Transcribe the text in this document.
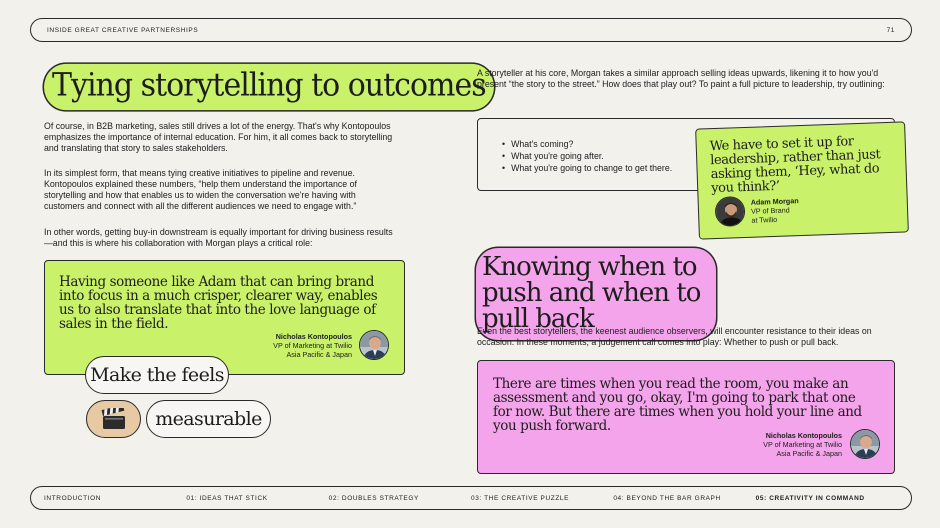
INSIDE GREAT CREATIVE PARTNERSHIPS	71
Tying storytelling to outcomes

Of course, in B2B marketing, sales still drives a lot of the energy. That's why Kontopoulos emphasizes the importance of internal education. For him, it all comes back to storytelling and translating that story to sales stakeholders.

In its simplest form, that means tying creative initiatives to pipeline and revenue. Kontopoulos explained these numbers, “help them understand the importance of storytelling and how that enables us to widen the conversation we're having with customers and connect with all the different audiences we need to engage with.”

In other words, getting buy-in downstream is equally important for driving business results—and this is where his collaboration with Morgan plays a critical role:

Having someone like Adam that can bring brand into focus in a much crisper, clearer way, enables us to also translate that into the love language of sales in the field.
Nicholas Kontopoulos
VP of Marketing at Twilio
Asia Pacific & Japan
Make the feels
measurable

A storyteller at his core, Morgan takes a similar approach selling ideas upwards, likening it to how you'd present “the story to the street.” How does that play out? To paint a full picture to leadership, try outlining:

• What's coming?
• What you're going after.
• What you're going to change to get there.
We have to set it up for leadership, rather than just asking them, ‘Hey, what do you think?’
Adam Morgan
VP of Brand
at Twilio
Knowing when to push and when to pull back

Even the best storytellers, the keenest audience observers, will encounter resistance to their ideas on occasion. In these moments, a judgement call comes into play: Whether to push or pull back.

There are times when you read the room, you make an assessment and you go, okay, I'm going to park that one for now. But there are times when you hold your line and you push forward.
Nicholas Kontopoulos
VP of Marketing at Twilio
Asia Pacific & Japan
INTRODUCTION	01: IDEAS THAT STICK	02: DOUBLES STRATEGY	03: THE CREATIVE PUZZLE	04: BEYOND THE BAR GRAPH	05: CREATIVITY IN COMMAND
